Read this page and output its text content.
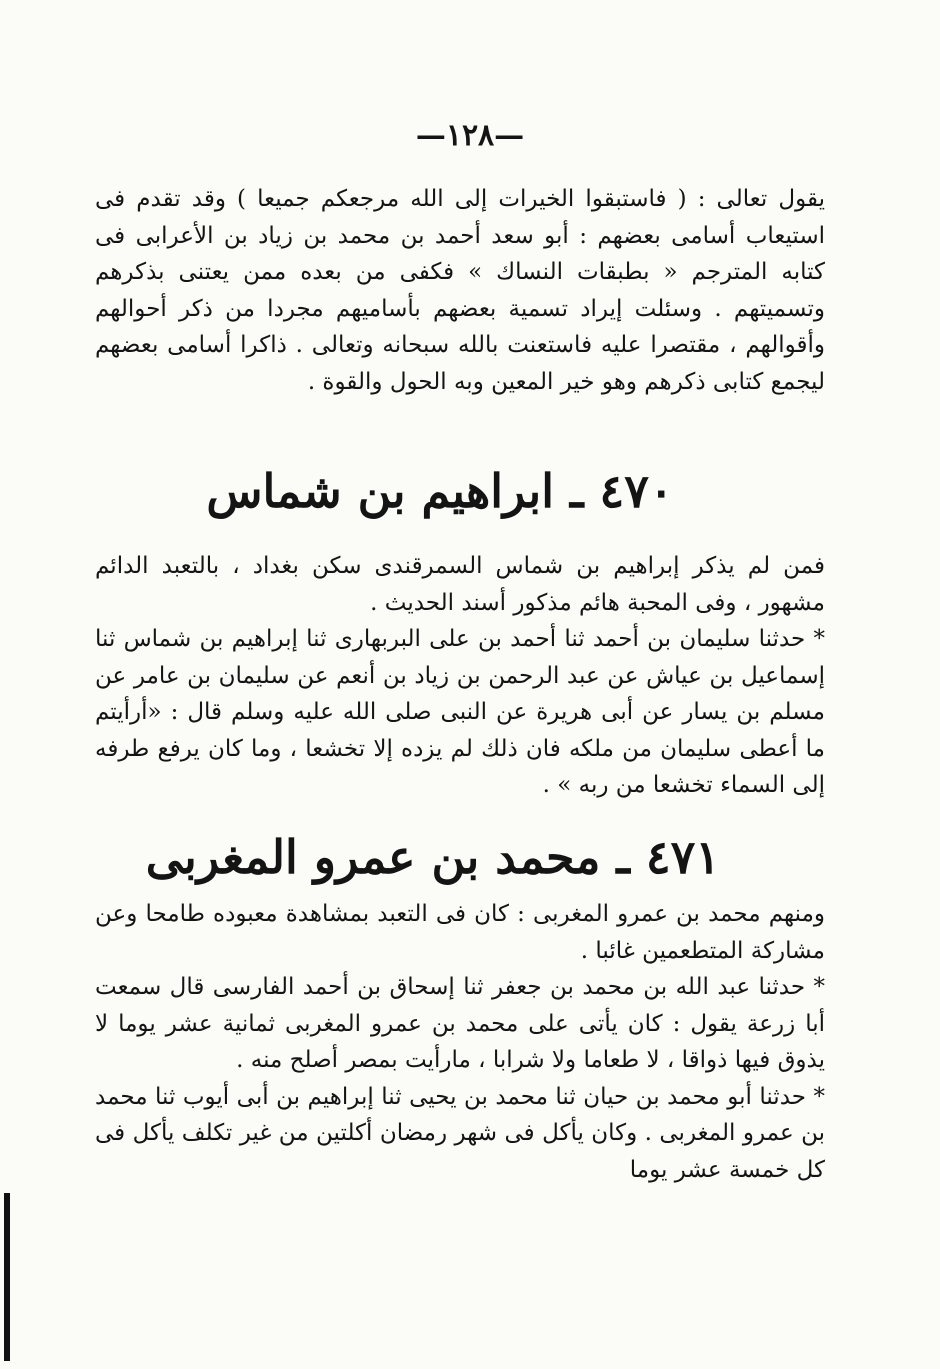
—١٢٨—

يقول تعالى : ( فاستبقوا الخيرات إلى الله مرجعكم جميعا ) وقد تقدم فى استيعاب أسامى بعضهم : أبو سعد أحمد بن محمد بن زياد بن الأعرابى فى كتابه المترجم « بطبقات النساك » فكفى من بعده ممن يعتنى بذكرهم وتسميتهم . وسئلت إيراد تسمية بعضهم بأساميهم مجردا من ذكر أحوالهم وأقوالهم ، مقتصرا عليه فاستعنت بالله سبحانه وتعالى . ذاكرا أسامى بعضهم ليجمع كتابى ذكرهم وهو خير المعين وبه الحول والقوة .

٤٧٠ ـ ابراهيم بن شماس

فمن لم يذكر إبراهيم بن شماس السمرقندى سكن بغداد ، بالتعبد الدائم مشهور ، وفى المحبة هائم مذكور أسند الحديث .

* حدثنا سليمان بن أحمد ثنا أحمد بن على البربهارى ثنا إبراهيم بن شماس ثنا إسماعيل بن عياش عن عبد الرحمن بن زياد بن أنعم عن سليمان بن عامر عن مسلم بن يسار عن أبى هريرة عن النبى صلى الله عليه وسلم قال : «أرأيتم ما أعطى سليمان من ملكه فان ذلك لم يزده إلا تخشعا ، وما كان يرفع طرفه إلى السماء تخشعا من ربه » .

٤٧١ ـ محمد بن عمرو المغربى

ومنهم محمد بن عمرو المغربى : كان فى التعبد بمشاهدة معبوده طامحا وعن مشاركة المتطعمين غائبا .

* حدثنا عبد الله بن محمد بن جعفر ثنا إسحاق بن أحمد الفارسى قال سمعت أبا زرعة يقول : كان يأتى على محمد بن عمرو المغربى ثمانية عشر يوما لا يذوق فيها ذواقا ، لا طعاما ولا شرابا ، مارأيت بمصر أصلح منه .

* حدثنا أبو محمد بن حيان ثنا محمد بن يحيى ثنا إبراهيم بن أبى أيوب ثنا محمد بن عمرو المغربى . وكان يأكل فى شهر رمضان أكلتين من غير تكلف يأكل فى كل خمسة عشر يوما
